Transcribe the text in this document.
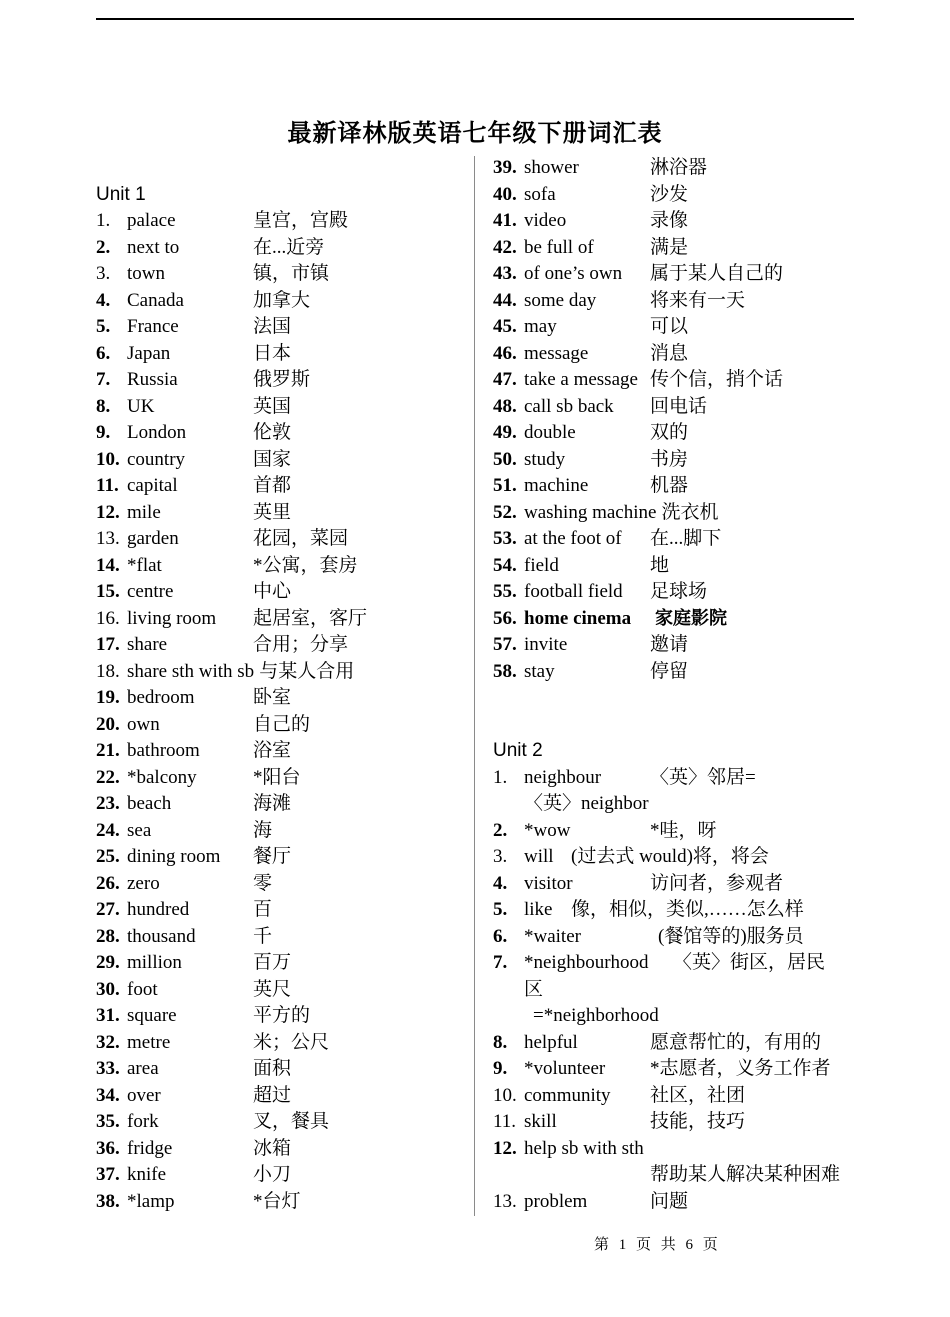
最新译林版英语七年级下册词汇表
Unit 1
1. palace	皇宫，宫殿
2. next to	在...近旁
3. town	镇，市镇
4. Canada	加拿大
5. France	法国
6. Japan	日本
7. Russia	俄罗斯
8. UK	英国
9. London	伦敦
10. country	国家
11. capital	首都
12. mile	英里
13. garden	花园，菜园
14. *flat	*公寓，套房
15. centre	中心
16. living room 起居室，客厅
17. share	合用；分享
18. share sth with sb 与某人合用
19. bedroom	卧室
20. own	自己的
21. bathroom	浴室
22. *balcony	*阳台
23. beach	海滩
24. sea	海
25. dining room 餐厅
26. zero	零
27. hundred	百
28. thousand	千
29. million	百万
30. foot	英尺
31. square	平方的
32. metre	米；公尺
33. area	面积
34. over	超过
35. fork	叉，餐具
36. fridge	冰箱
37. knife	小刀
38. *lamp	*台灯
39. shower	淋浴器
40. sofa	沙发
41. video	录像
42. be full of	满是
43. of one’s own 属于某人自己的
44. some day	将来有一天
45. may	可以
46. message	消息
47. take a message 传个信，捎个话
48. call sb back 回电话
49. double	双的
50. study	书房
51. machine	机器
52. washing machine 洗衣机
53. at the foot of 在...脚下
54. field	地
55. football field 足球场
56. home cinema 家庭影院
57. invite	邀请
58. stay	停留
Unit 2
1. neighbour	〈英〉邻居=
〈英〉neighbor
2. *wow	*哇，呀
3. will (过去式 would)将，将会
4. visitor	访问者，参观者
5. like 像，相似，类似,……怎么样
6. *waiter	(餐馆等的)服务员
7. *neighbourhood 〈英〉街区，居民
区
=*neighborhood
8. helpful	愿意帮忙的，有用的
9. *volunteer *志愿者，义务工作者
10. community 社区，社团
11. skill	技能，技巧
12. help sb with sth
帮助某人解决某种困难
13. problem	问题
第 1 页 共 6 页
